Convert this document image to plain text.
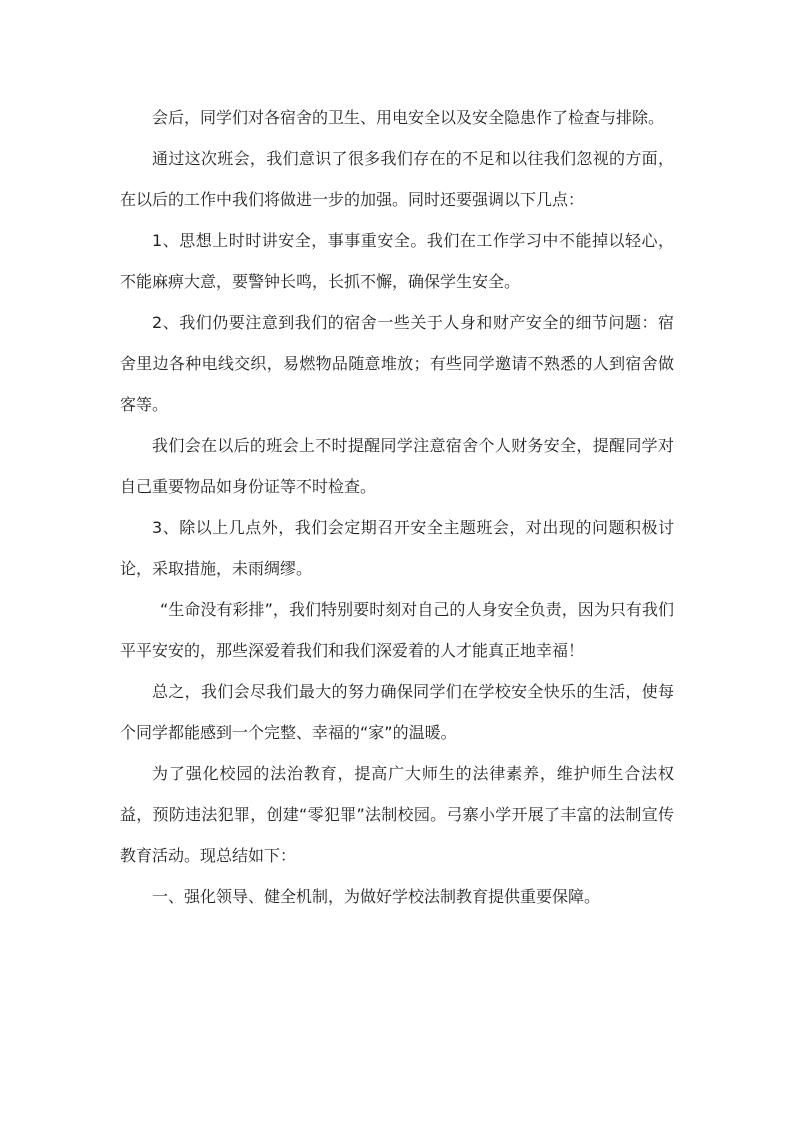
会后，同学们对各宿舍的卫生、用电安全以及安全隐患作了检查与排除。

通过这次班会，我们意识了很多我们存在的不足和以往我们忽视的方面，在以后的工作中我们将做进一步的加强。同时还要强调以下几点：

1、思想上时时讲安全，事事重安全。我们在工作学习中不能掉以轻心，不能麻痹大意，要警钟长鸣，长抓不懈，确保学生安全。

2、我们仍要注意到我们的宿舍一些关于人身和财产安全的细节问题：宿舍里边各种电线交织，易燃物品随意堆放；有些同学邀请不熟悉的人到宿舍做客等。

我们会在以后的班会上不时提醒同学注意宿舍个人财务安全，提醒同学对自己重要物品如身份证等不时检查。

3、除以上几点外，我们会定期召开安全主题班会，对出现的问题积极讨论，采取措施，未雨绸缪。

“生命没有彩排”，我们特别要时刻对自己的人身安全负责，因为只有我们平平安安的，那些深爱着我们和我们深爱着的人才能真正地幸福！

总之，我们会尽我们最大的努力确保同学们在学校安全快乐的生活，使每个同学都能感到一个完整、幸福的“家”的温暖。

为了强化校园的法治教育，提高广大师生的法律素养，维护师生合法权益，预防违法犯罪，创建“零犯罪”法制校园。弓寨小学开展了丰富的法制宣传教育活动。现总结如下：

一、强化领导、健全机制，为做好学校法制教育提供重要保障。
